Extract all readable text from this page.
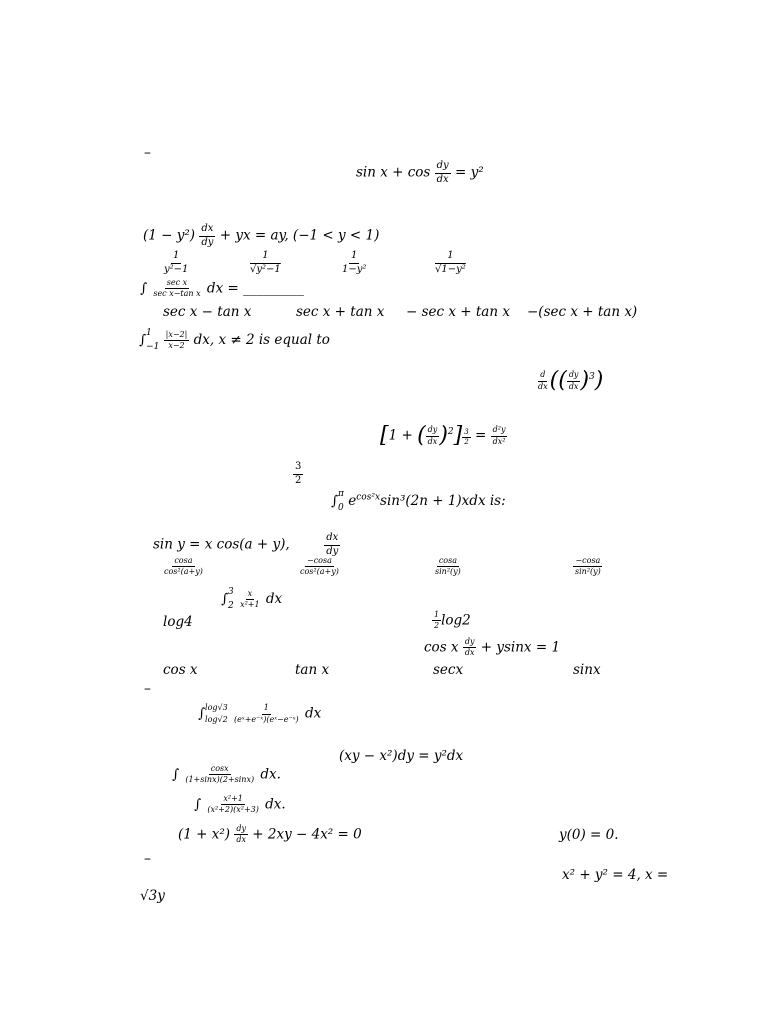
–
$\sin x + \cos \frac{dy}{dx} = y^2$
$(1 - y^2) \frac{dx}{dy}$ + yx = ay, (−1 < y < 1)
$\frac{1}{\text{y²−1}}$	$\frac{1}{\text{√y²−1}}$	$\frac{1}{\text{1−y²}}$	$\frac{1}{\text{√1−y²}}$
∫ $\frac{\text{sec x}}{\text{sec x−tan x}}$ dx = _________
sec x − tan x	sec x + tan x − sec x + tan x −(sec x + tan x)
∫ 1
−1
$\frac{|x-2|}{x-2}$ dx, x ≠ 2 is equal to
$\frac{d}{dx}$ (( $\frac{dy}{dx} )^3$)
[1 + ( $\frac{dy}{dx} )^2] \frac{3}{2} = \frac{\text{d²y}}{\text{dx²}}$
$\frac{3}{2}$
∫ π
0 $e^{cos^2x}\sin^3(2n + 1)xdx$ is:
sin y = x cos(a + y),	$\frac{dx}{dy}$
$\frac{\cos a}{\text{cos²(a+y)}}$	$\frac{-\cos a}{\text{cos²(a+y)}}$	$\frac{\cos a}{\text{sin²(y)}}$	$\frac{-\cos a}{\text{sin²(y)}}$
∫ 3
2
$\frac{x}{\text{x²+1}}$ dx
log4	$\frac{1}{2} \log 2$
cos x $\frac{dy}{dx} + ysinx = 1$
cos x	tan x	secx	sinx
–
∫ log√3
log√2
$\frac{1}{\text{(eˣ+e⁻ˣ)(eˣ−e⁻ˣ)}}$ dx
(xy − x²)dy = y²dx
∫ $\frac{\cos x}{(1+\sin x)(2+\sin x)}$ dx.
∫ $\frac{\text{x²+1}}{\text{(x²+2)(x²+3)}}$ dx.
$(1 + x^2) \frac{dy}{dx} + 2xy - 4x^2 = 0$	y(0) = 0.
–
x² + y² = 4, x =
√3y
